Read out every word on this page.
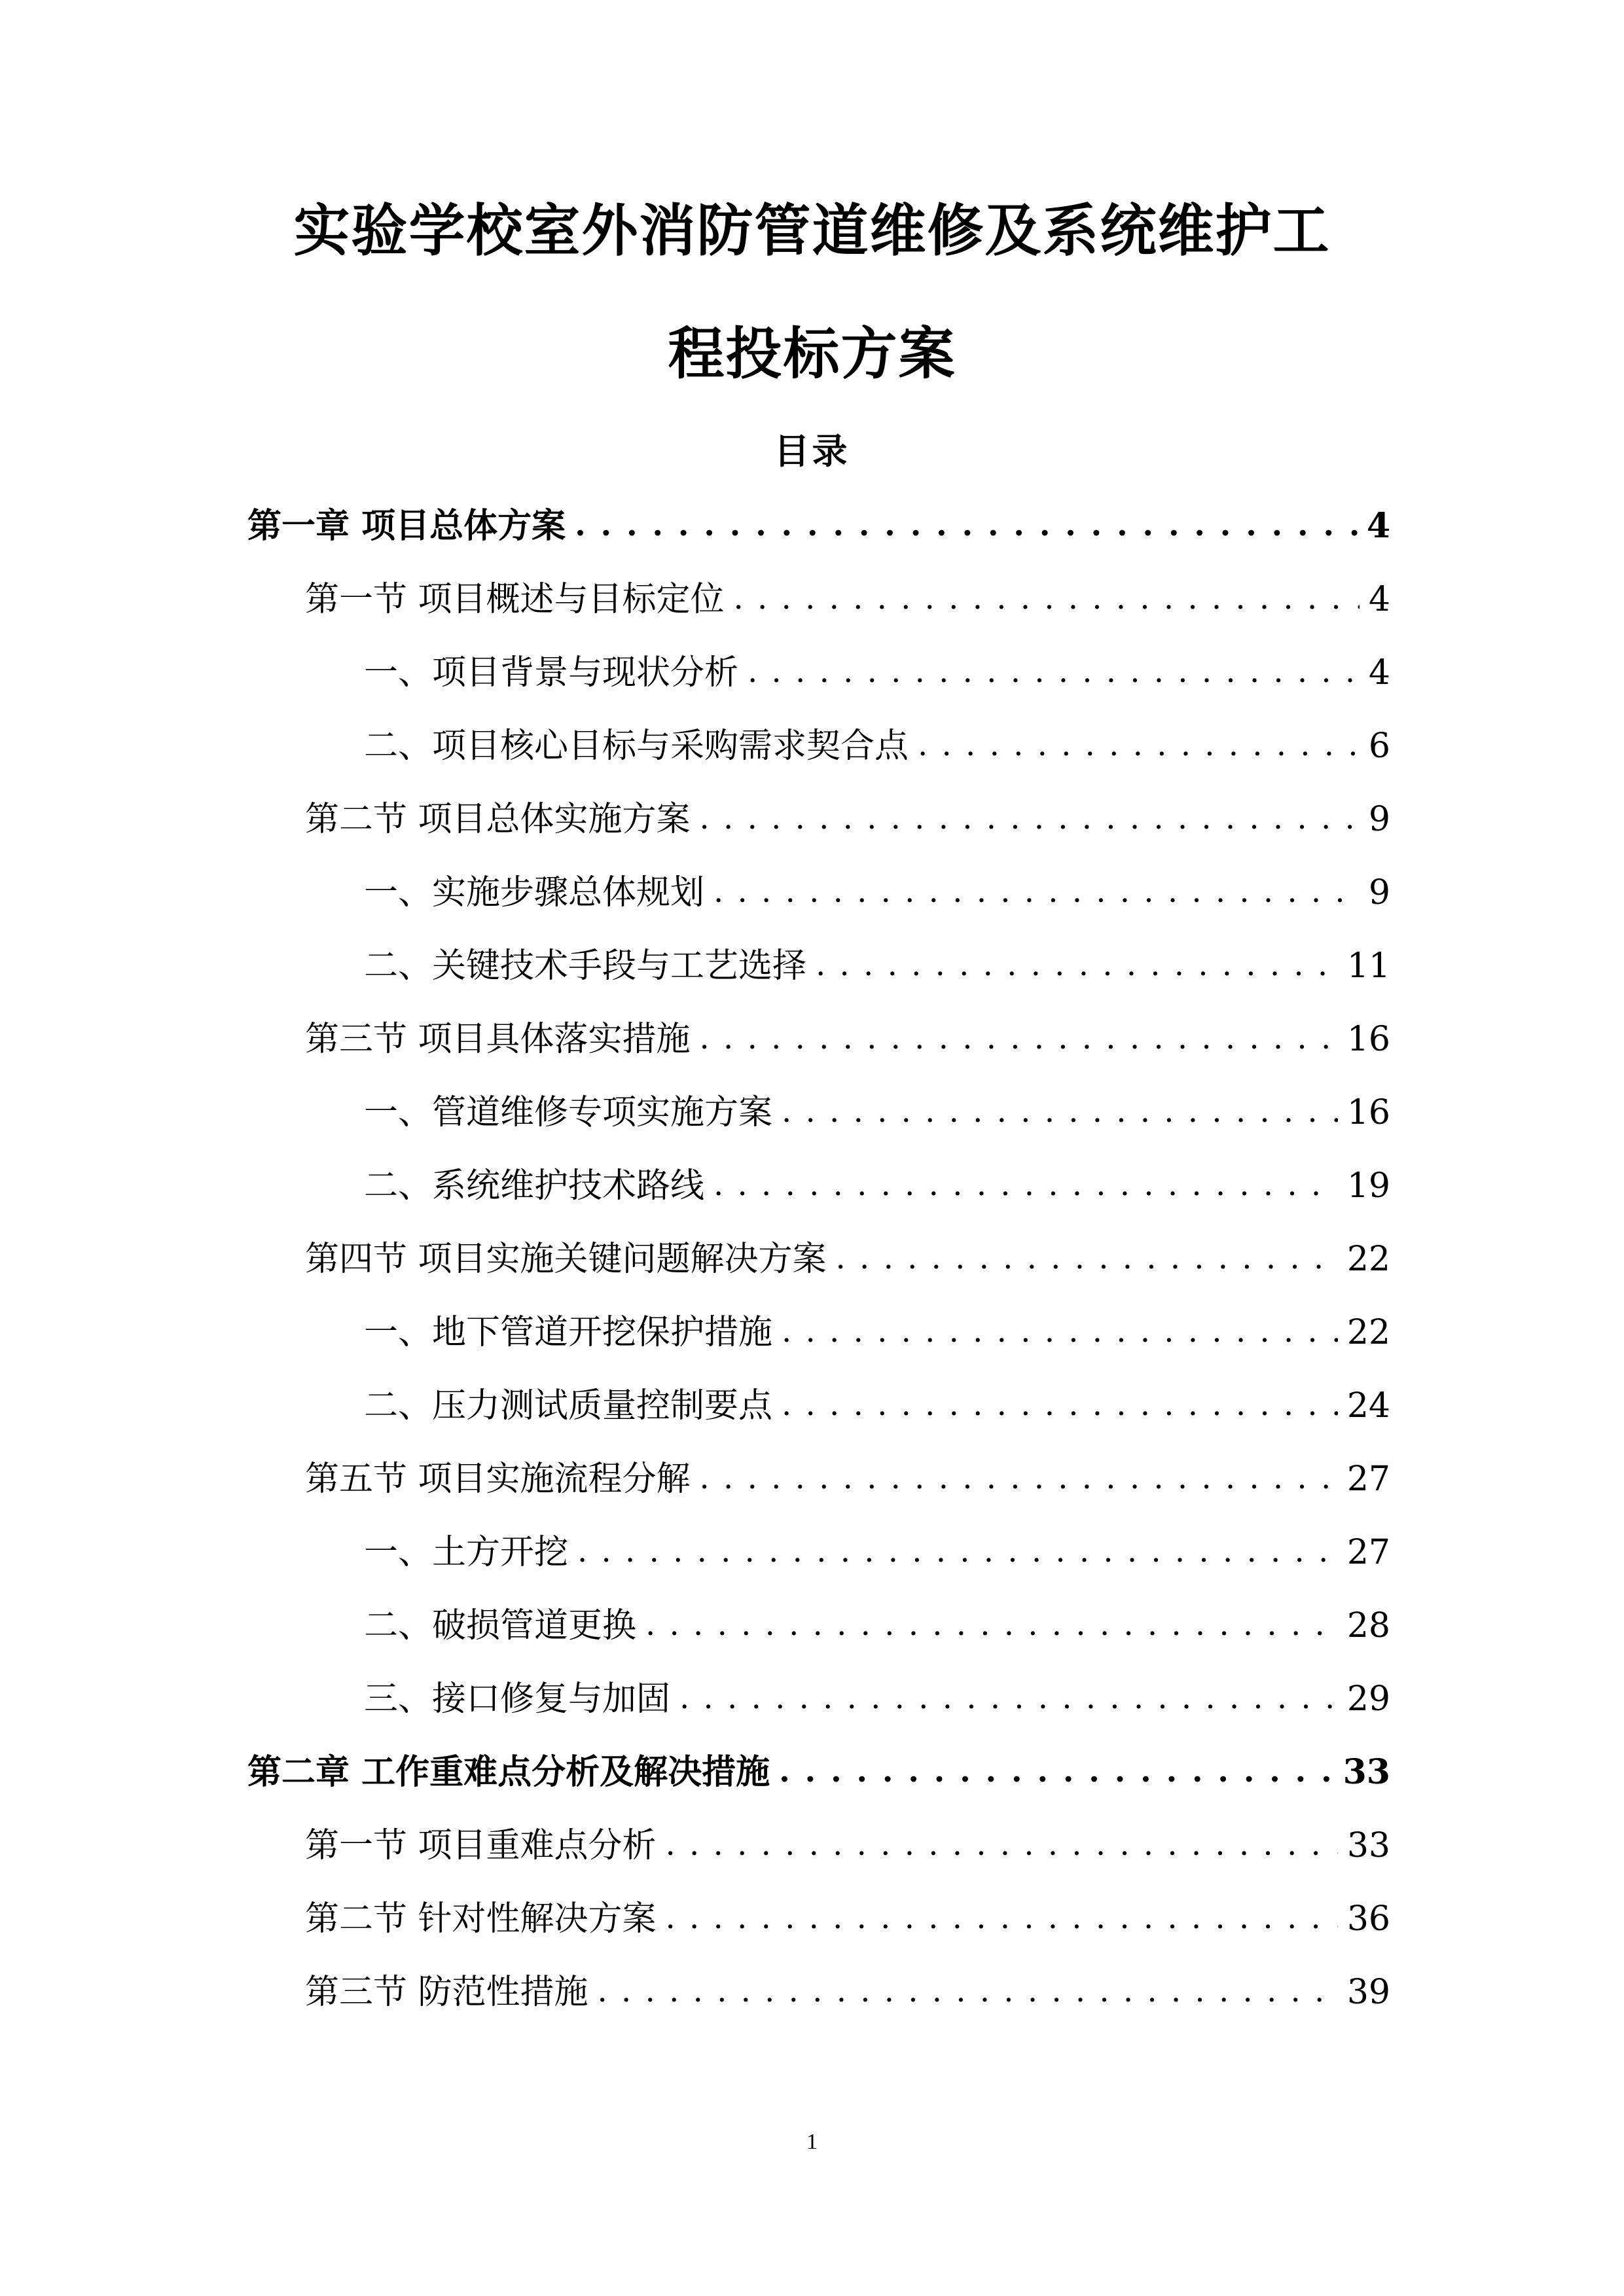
实验学校室外消防管道维修及系统维护工
程投标方案
目录
第一章 项目总体方案 . . .	4
第一节 项目概述与目标定位 . . .	4
一、项目背景与现状分析 . . .	4
二、项目核心目标与采购需求契合点 . . .	6
第二节 项目总体实施方案 . . .	9
一、实施步骤总体规划 . . .	9
二、关键技术手段与工艺选择 . . .	11
第三节 项目具体落实措施 . . .	16
一、管道维修专项实施方案 . . .	16
二、系统维护技术路线 . . .	19
第四节 项目实施关键问题解决方案 . . .	22
一、地下管道开挖保护措施 . . .	22
二、压力测试质量控制要点 . . .	24
第五节 项目实施流程分解 . . .	27
一、土方开挖 . . .	27
二、破损管道更换 . . .	28
三、接口修复与加固 . . .	29
第二章 工作重难点分析及解决措施 . . .	33
第一节 项目重难点分析 . . .	33
第二节 针对性解决方案 . . .	36
第三节 防范性措施 . . .	39
1
